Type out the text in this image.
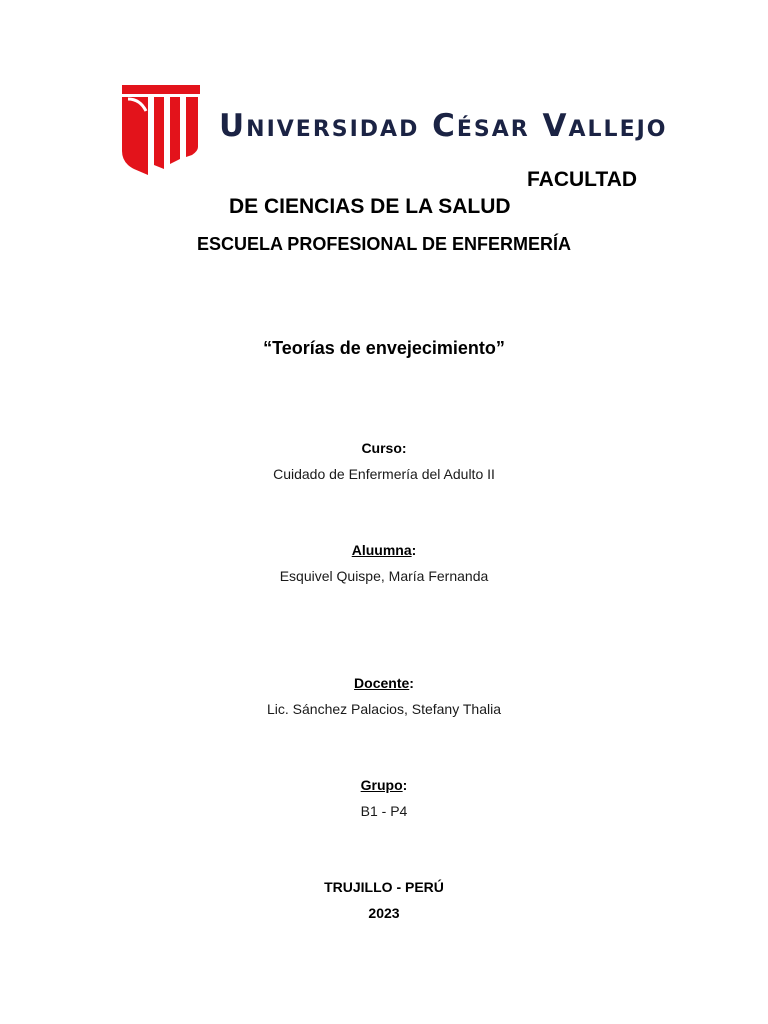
Universidad César Vallejo
FACULTAD
DE CIENCIAS DE LA SALUD
ESCUELA PROFESIONAL DE ENFERMERÍA
“Teorías de envejecimiento”
Curso:
Cuidado de Enfermería del Adulto II
Aluumna:
Esquivel Quispe, María Fernanda
Docente:
Lic. Sánchez Palacios, Stefany Thalia
Grupo:
B1 - P4
TRUJILLO - PERÚ
2023
